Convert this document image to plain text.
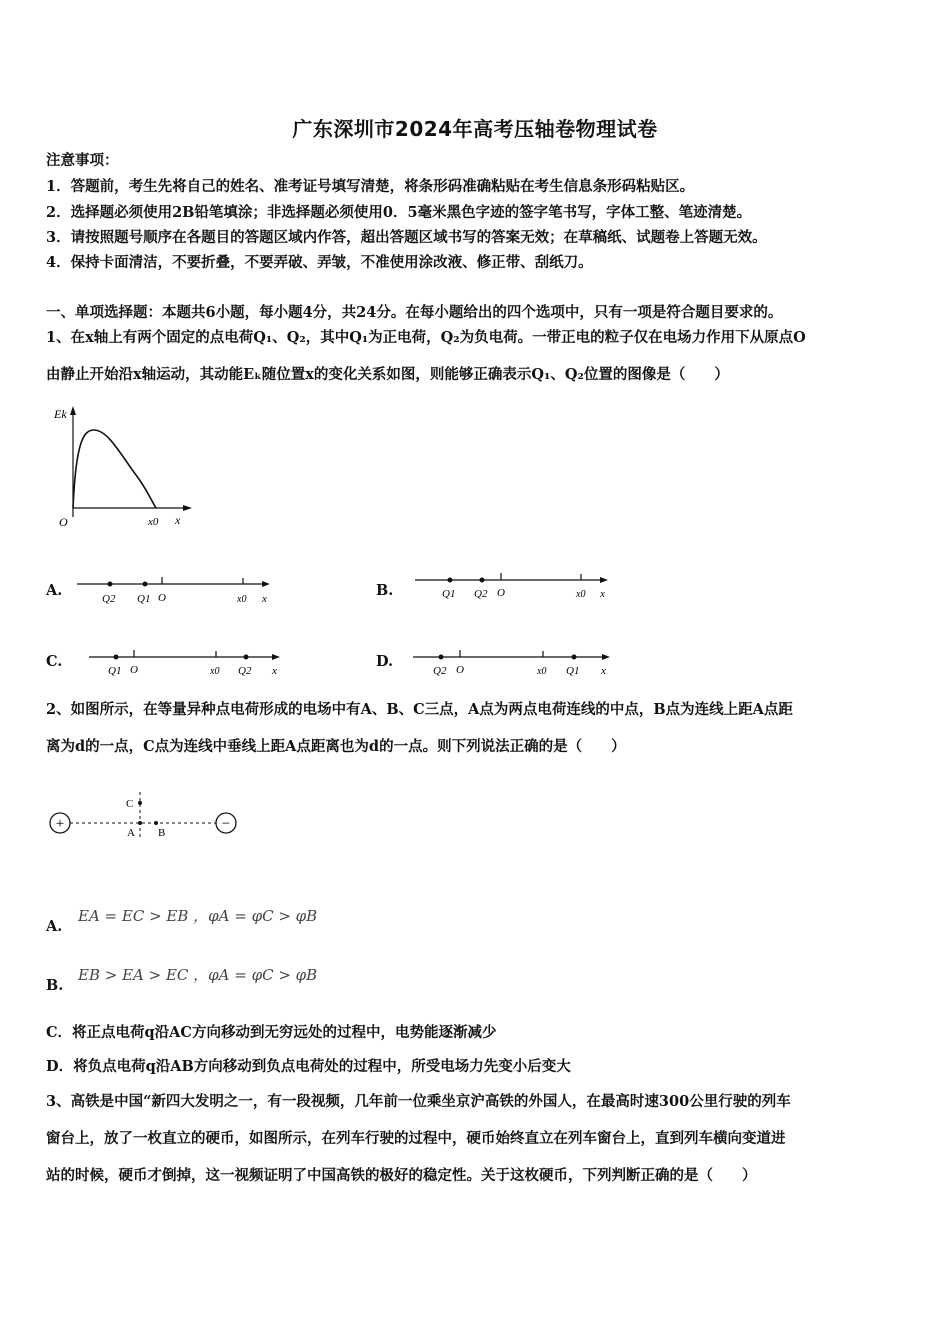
广东深圳市2024年高考压轴卷物理试卷
注意事项：
1．答题前，考生先将自己的姓名、准考证号填写清楚，将条形码准确粘贴在考生信息条形码粘贴区。
2．选择题必须使用2B铅笔填涂；非选择题必须使用0．5毫米黑色字迹的签字笔书写，字体工整、笔迹清楚。
3．请按照题号顺序在各题目的答题区域内作答，超出答题区域书写的答案无效；在草稿纸、试题卷上答题无效。
4．保持卡面清洁，不要折叠，不要弄破、弄皱，不准使用涂改液、修正带、刮纸刀。
一、单项选择题：本题共6小题，每小题4分，共24分。在每小题给出的四个选项中，只有一项是符合题目要求的。
1、在x轴上有两个固定的点电荷Q₁、Q₂，其中Q₁为正电荷，Q₂为负电荷。一带正电的粒子仅在电场力作用下从原点O
由静止开始沿x轴运动，其动能Eₖ随位置x的变化关系如图，则能够正确表示Q₁、Q₂位置的图像是（　　）
Ek
O	x0 x
A.	Q2 Q1 O	x0 x	B.	Q1 Q2 O	x0 x
C.
Q1 O	x0 Q2 x
D.
Q2 O	x0 Q1 x
2、如图所示，在等量异种点电荷形成的电场中有A、B、C三点，A点为两点电荷连线的中点，B点为连线上距A点距
离为d的一点，C点为连线中垂线上距A点距离也为d的一点。则下列说法正确的是（　　）
+	−
C
A B
A.
EA = EC > EB ，φA = φC > φB
B.
EB > EA > EC ，φA = φC > φB
C．将正点电荷q沿AC方向移动到无穷远处的过程中，电势能逐渐减少
D．将负点电荷q沿AB方向移动到负点电荷处的过程中，所受电场力先变小后变大
3、高铁是中国“新四大发明之一，有一段视频，几年前一位乘坐京沪高铁的外国人，在最高时速300公里行驶的列车
窗台上，放了一枚直立的硬币，如图所示，在列车行驶的过程中，硬币始终直立在列车窗台上，直到列车横向变道进
站的时候，硬币才倒掉，这一视频证明了中国高铁的极好的稳定性。关于这枚硬币，下列判断正确的是（　　）
